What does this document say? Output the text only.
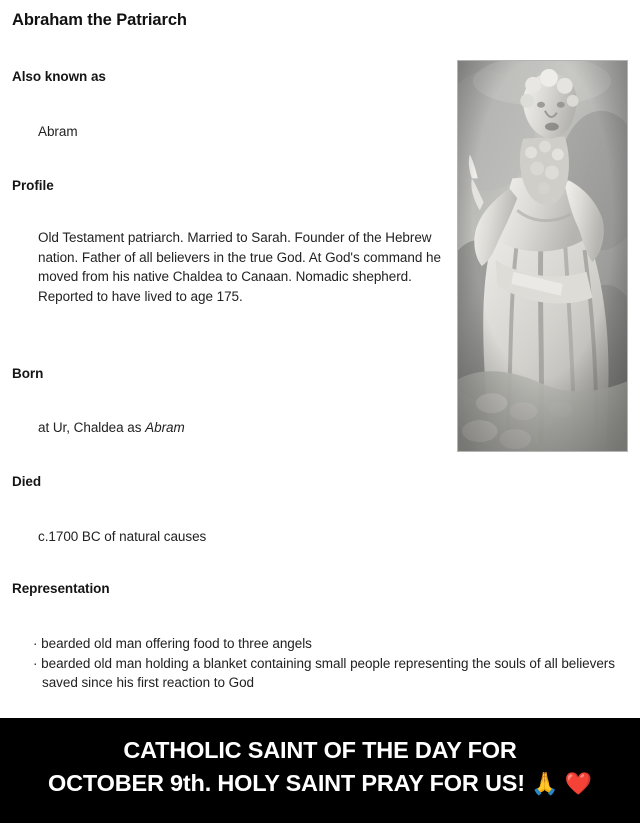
Abraham the Patriarch
Also known as
Abram
Profile
Old Testament patriarch. Married to Sarah. Founder of the Hebrew nation. Father of all believers in the true God. At God's command he moved from his native Chaldea to Canaan. Nomadic shepherd. Reported to have lived to age 175.
Born
at Ur, Chaldea as Abram
Died
c.1700 BC of natural causes
Representation
· bearded old man offering food to three angels
· bearded old man holding a blanket containing small people representing the souls of all believers saved since his first reaction to God
CATHOLIC SAINT OF THE DAY FOR
OCTOBER 9th. HOLY SAINT PRAY FOR US! 🙏 ❤️
